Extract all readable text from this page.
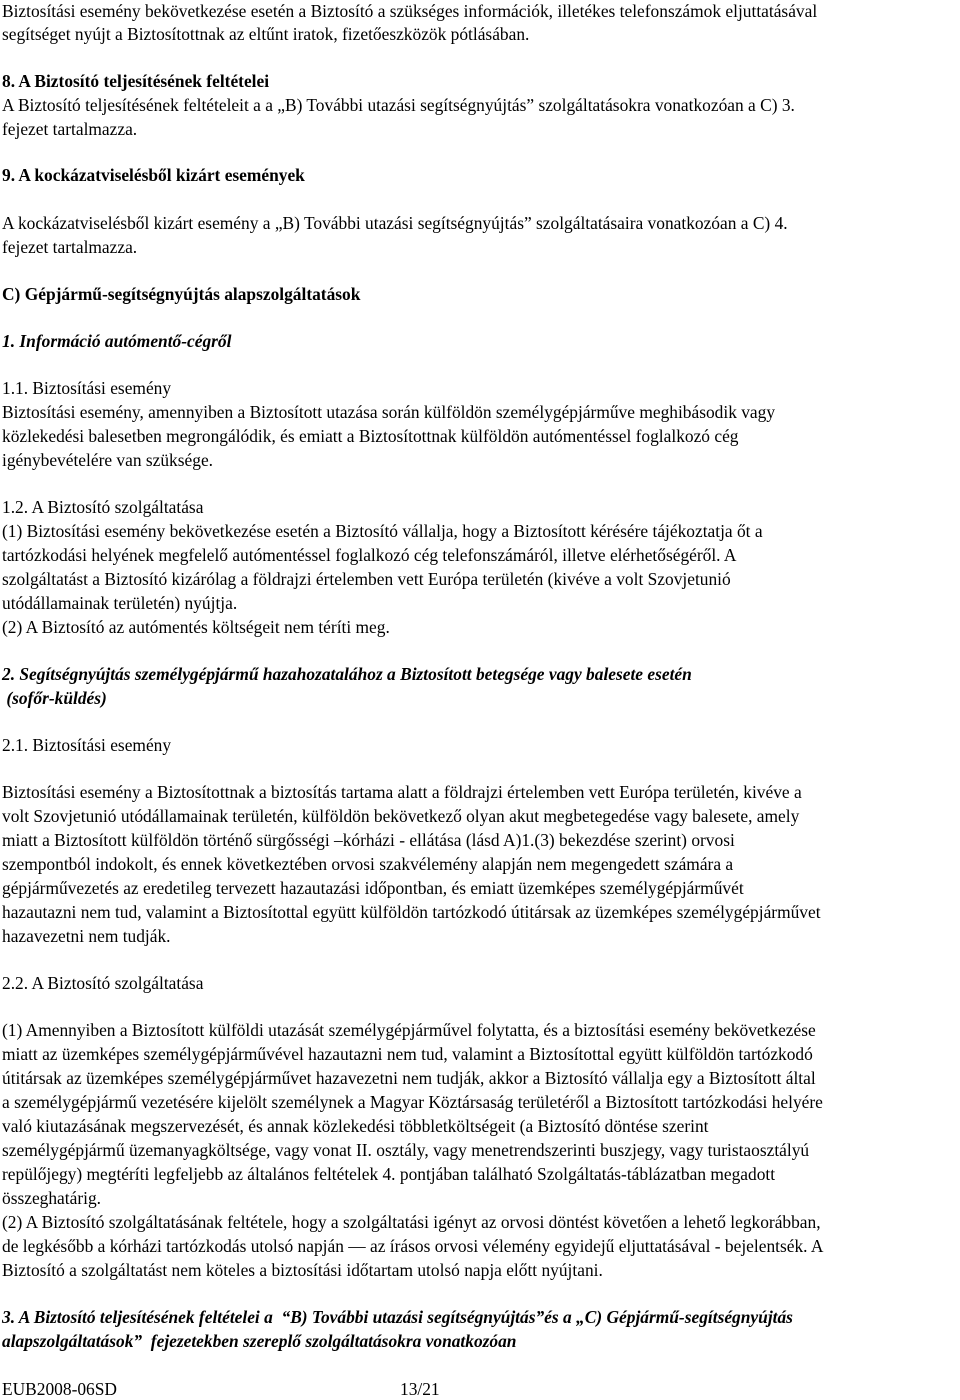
Biztosítási esemény bekövetkezése esetén a Biztosító a szükséges információk, illetékes telefonszámok eljuttatásával

segítséget nyújt a Biztosítottnak az eltűnt iratok, fizetőeszközök pótlásában.

8. A Biztosító teljesítésének feltételei

A Biztosító teljesítésének feltételeit a a „B) További utazási segítségnyújtás” szolgáltatásokra vonatkozóan a C) 3.

fejezet tartalmazza.

9. A kockázatviselésből kizárt események

A kockázatviselésből kizárt esemény a „B) További utazási segítségnyújtás” szolgáltatásaira vonatkozóan a C) 4.

fejezet tartalmazza.

C) Gépjármű-segítségnyújtás alapszolgáltatások

1. Információ autómentő-cégről

1.1. Biztosítási esemény

Biztosítási esemény, amennyiben a Biztosított utazása során külföldön személygépjárműve meghibásodik vagy

közlekedési balesetben megrongálódik, és emiatt a Biztosítottnak külföldön autómentéssel foglalkozó cég

igénybevételére van szüksége.

1.2. A Biztosító szolgáltatása

(1) Biztosítási esemény bekövetkezése esetén a Biztosító vállalja, hogy a Biztosított kérésére tájékoztatja őt a

tartózkodási helyének megfelelő autómentéssel foglalkozó cég telefonszámáról, illetve elérhetőségéről. A

szolgáltatást a Biztosító kizárólag a földrajzi értelemben vett Európa területén (kivéve a volt Szovjetunió

utódállamainak területén) nyújtja.

(2) A Biztosító az autómentés költségeit nem téríti meg.

2. Segítségnyújtás személygépjármű hazahozatalához a Biztosított betegsége vagy balesete esetén

(sofőr-küldés)

2.1. Biztosítási esemény

Biztosítási esemény a Biztosítottnak a biztosítás tartama alatt a földrajzi értelemben vett Európa területén, kivéve a

volt Szovjetunió utódállamainak területén, külföldön bekövetkező olyan akut megbetegedése vagy balesete, amely

miatt a Biztosított külföldön történő sürgősségi –kórházi - ellátása (lásd A)1.(3) bekezdése szerint) orvosi

szempontból indokolt, és ennek következtében orvosi szakvélemény alapján nem megengedett számára a

gépjárművezetés az eredetileg tervezett hazautazási időpontban, és emiatt üzemképes személygépjárművét

hazautazni nem tud, valamint a Biztosítottal együtt külföldön tartózkodó útitársak az üzemképes személygépjárművet

hazavezetni nem tudják.

2.2. A Biztosító szolgáltatása

(1) Amennyiben a Biztosított külföldi utazását személygépjárművel folytatta, és a biztosítási esemény bekövetkezése

miatt az üzemképes személygépjárművével hazautazni nem tud, valamint a Biztosítottal együtt külföldön tartózkodó

útitársak az üzemképes személygépjárművet hazavezetni nem tudják, akkor a Biztosító vállalja egy a Biztosított által

a személygépjármű vezetésére kijelölt személynek a Magyar Köztársaság területéről a Biztosított tartózkodási helyére

való kiutazásának megszervezését, és annak közlekedési többletköltségeit (a Biztosító döntése szerint

személygépjármű üzemanyagköltsége, vagy vonat II. osztály, vagy menetrendszerinti buszjegy, vagy turistaosztályú

repülőjegy) megtéríti legfeljebb az általános feltételek 4. pontjában található Szolgáltatás-táblázatban megadott

összeghatárig.

(2) A Biztosító szolgáltatásának feltétele, hogy a szolgáltatási igényt az orvosi döntést követően a lehető legkorábban,

de legkésőbb a kórházi tartózkodás utolsó napján — az írásos orvosi vélemény egyidejű eljuttatásával - bejelentsék. A

Biztosító a szolgáltatást nem köteles a biztosítási időtartam utolsó napja előtt nyújtani.

3. A Biztosító teljesítésének feltételei a  “B) További utazási segítségnyújtás”és a „C) Gépjármű-segítségnyújtás

alapszolgáltatások”  fejezetekben szereplő szolgáltatásokra vonatkozóan

EUB2008-06SD	13/21
